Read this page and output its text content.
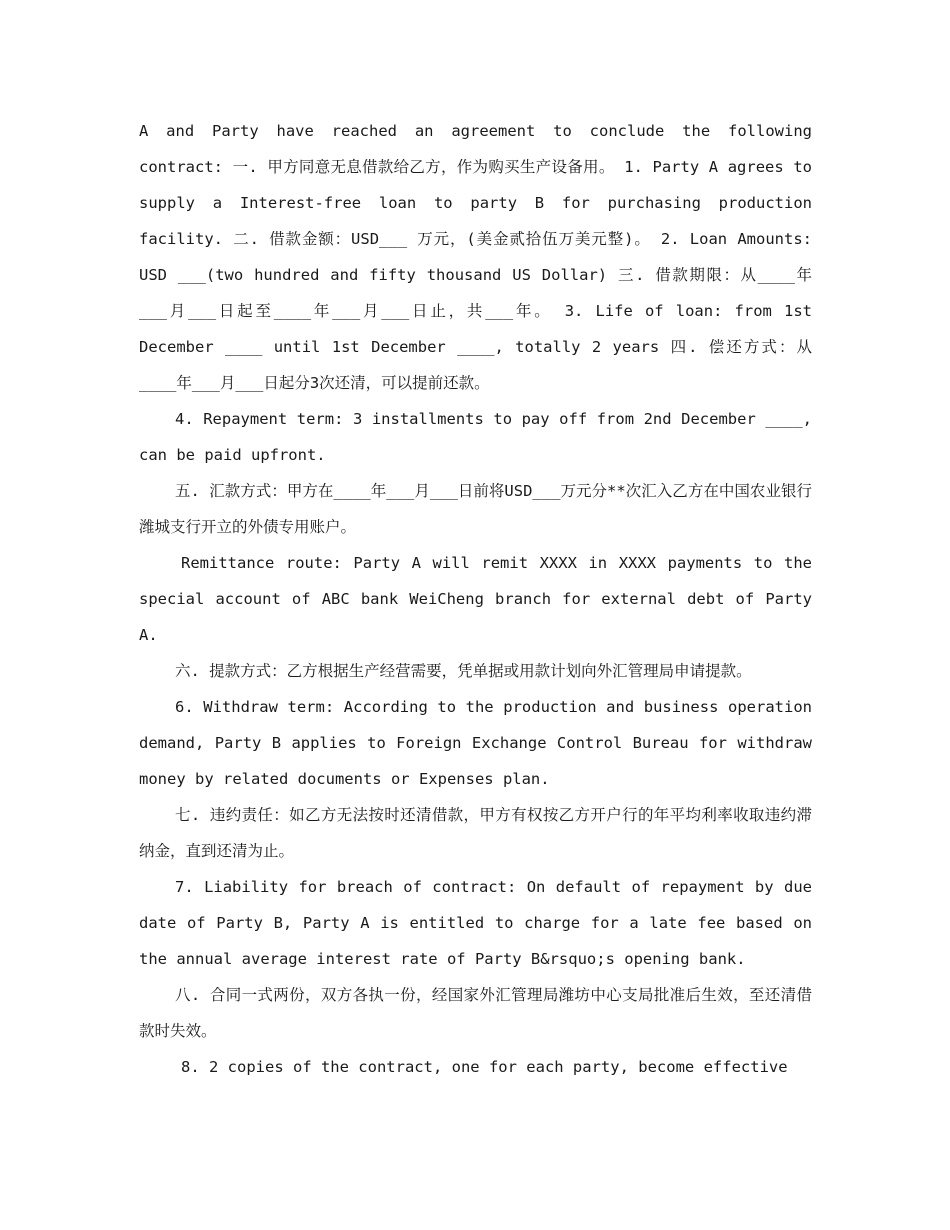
A and Party have reached an agreement to conclude the following contract: 一. 甲方同意无息借款给乙方，作为购买生产设备用。 1. Party A agrees to supply a Interest-free loan to party B for purchasing production facility. 二. 借款金额：USD___ 万元，(美金贰拾伍万美元整)。 2. Loan Amounts: USD ___(two hundred and fifty thousand US Dollar) 三. 借款期限：从____年___月___日起至____年___月___日止，共___年。 3. Life of loan: from 1st December ____ until 1st December ____, totally 2 years 四. 偿还方式：从____年___月___日起分3次还清，可以提前还款。

4. Repayment term: 3 installments to pay off from 2nd December ____, can be paid upfront.

五. 汇款方式：甲方在____年___月___日前将USD___万元分**次汇入乙方在中国农业银行潍城支行开立的外债专用账户。

Remittance route: Party A will remit XXXX in XXXX payments to the special account of ABC bank WeiCheng branch for external debt of Party A.

六. 提款方式：乙方根据生产经营需要，凭单据或用款计划向外汇管理局申请提款。

6. Withdraw term: According to the production and business operation demand, Party B applies to Foreign Exchange Control Bureau for withdraw money by related documents or Expenses plan.

七. 违约责任：如乙方无法按时还清借款，甲方有权按乙方开户行的年平均利率收取违约滞纳金，直到还清为止。

7. Liability for breach of contract: On default of repayment by due date of Party B, Party A is entitled to charge for a late fee based on the annual average interest rate of Party B&rsquo;s opening bank.

八. 合同一式两份，双方各执一份，经国家外汇管理局潍坊中心支局批准后生效，至还清借款时失效。

8. 2 copies of the contract, one for each party, become effective
